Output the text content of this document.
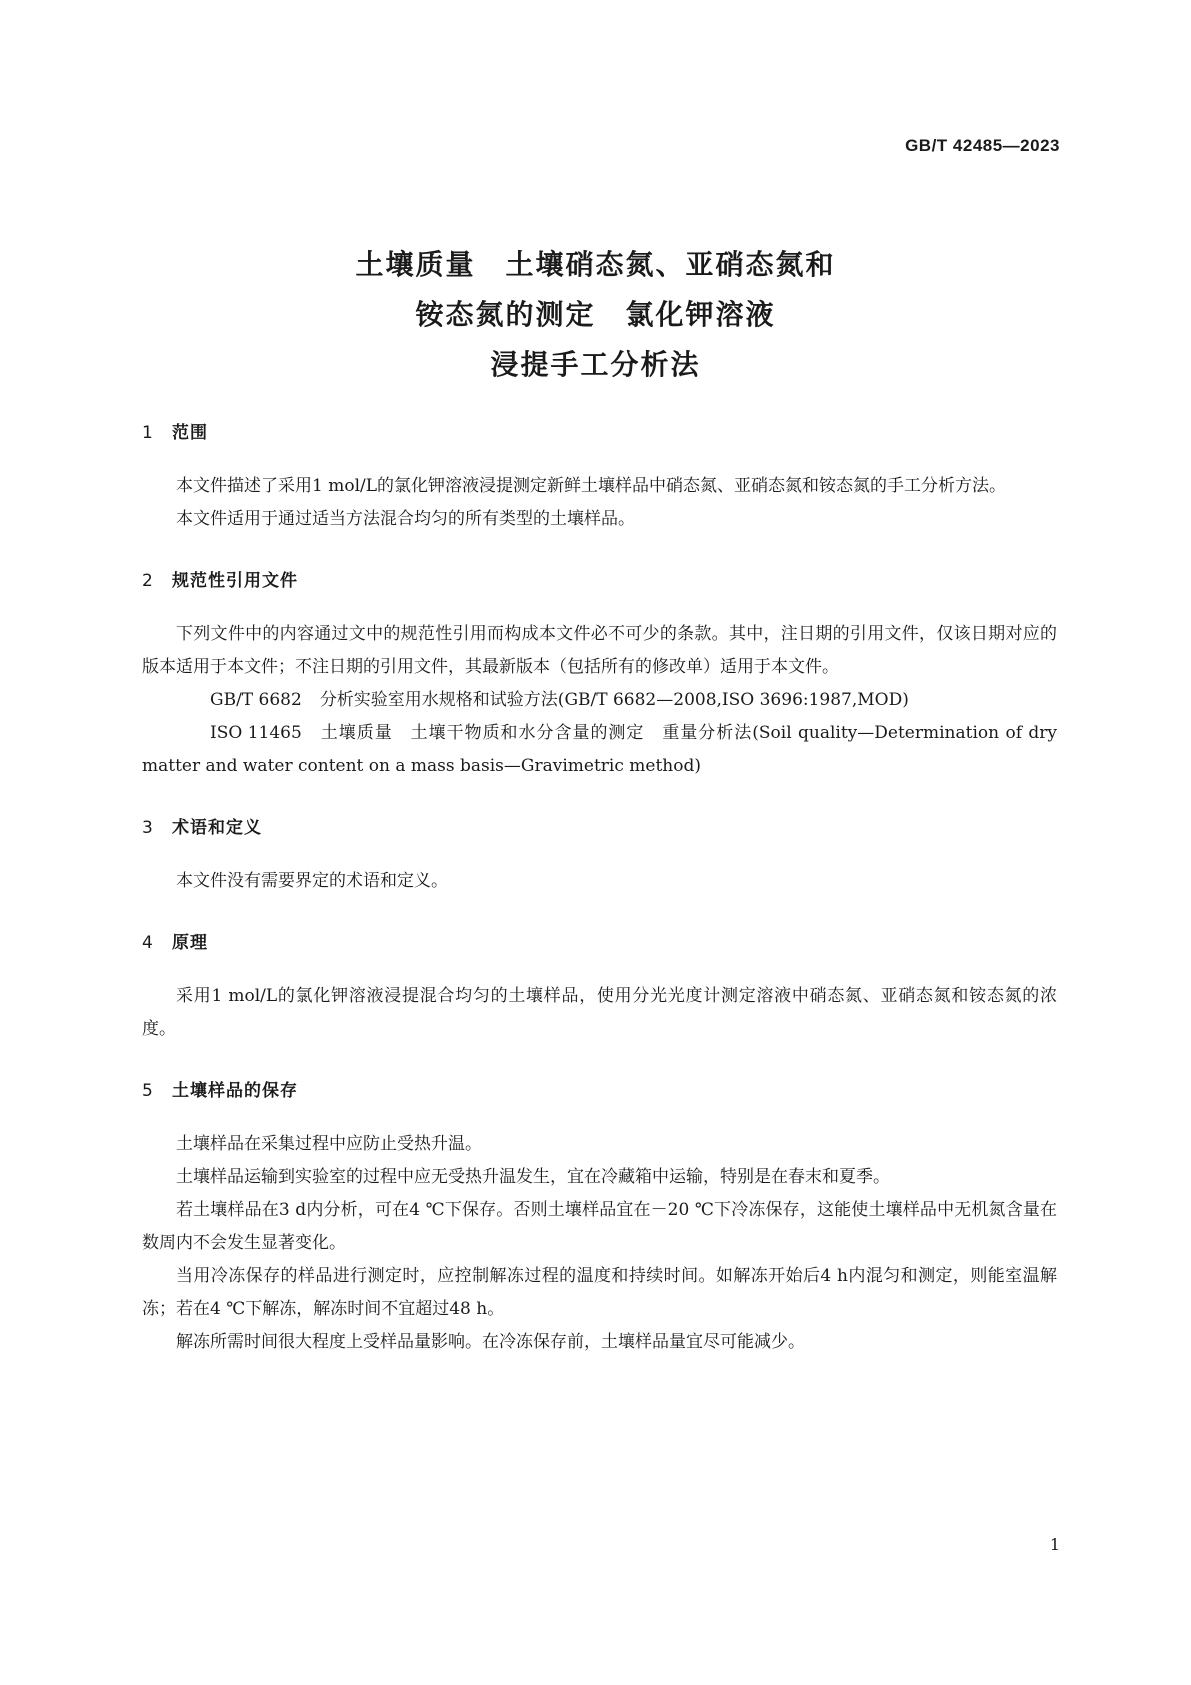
GB/T 42485—2023
土壤质量　土壤硝态氮、亚硝态氮和
铵态氮的测定　氯化钾溶液
浸提手工分析法
1 范围
本文件描述了采用1 mol/L的氯化钾溶液浸提测定新鲜土壤样品中硝态氮、亚硝态氮和铵态氮的手工分析方法。
本文件适用于通过适当方法混合均匀的所有类型的土壤样品。
2 规范性引用文件
下列文件中的内容通过文中的规范性引用而构成本文件必不可少的条款。其中，注日期的引用文件，仅该日期对应的版本适用于本文件；不注日期的引用文件，其最新版本（包括所有的修改单）适用于本文件。
GB/T 6682 分析实验室用水规格和试验方法(GB/T 6682—2008,ISO 3696:1987,MOD)
ISO 11465 土壤质量　土壤干物质和水分含量的测定　重量分析法(Soil quality—Determination of dry matter and water content on a mass basis—Gravimetric method)
3 术语和定义
本文件没有需要界定的术语和定义。
4 原理
采用1 mol/L的氯化钾溶液浸提混合均匀的土壤样品，使用分光光度计测定溶液中硝态氮、亚硝态氮和铵态氮的浓度。
5 土壤样品的保存
土壤样品在采集过程中应防止受热升温。
土壤样品运输到实验室的过程中应无受热升温发生，宜在冷藏箱中运输，特别是在春末和夏季。
若土壤样品在3 d内分析，可在4 ℃下保存。否则土壤样品宜在－20 ℃下冷冻保存，这能使土壤样品中无机氮含量在数周内不会发生显著变化。
当用冷冻保存的样品进行测定时，应控制解冻过程的温度和持续时间。如解冻开始后4 h内混匀和测定，则能室温解冻；若在4 ℃下解冻，解冻时间不宜超过48 h。
解冻所需时间很大程度上受样品量影响。在冷冻保存前，土壤样品量宜尽可能减少。
1
